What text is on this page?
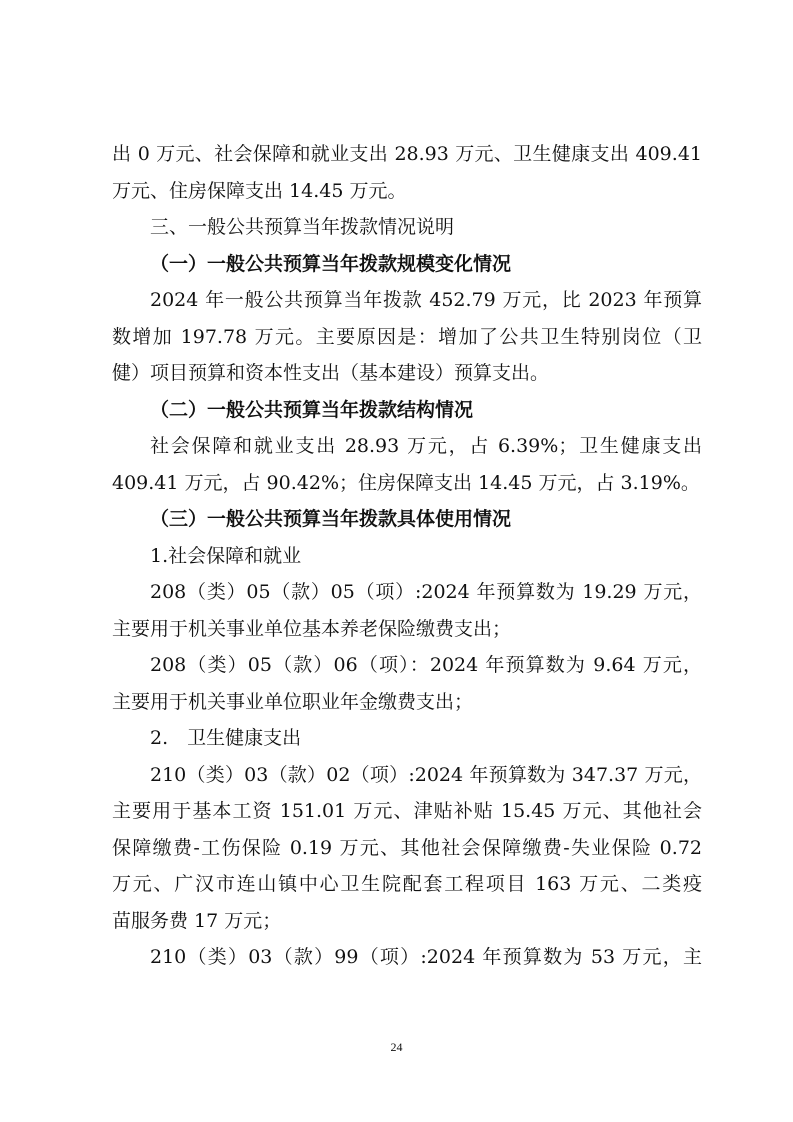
出 0 万元、社会保障和就业支出 28.93 万元、卫生健康支出 409.41

万元、住房保障支出 14.45 万元。

三、一般公共预算当年拨款情况说明

（一）一般公共预算当年拨款规模变化情况

2024 年一般公共预算当年拨款 452.79 万元，比 2023 年预算

数增加 197.78 万元。主要原因是：增加了公共卫生特别岗位（卫

健）项目预算和资本性支出（基本建设）预算支出。

（二）一般公共预算当年拨款结构情况

社会保障和就业支出 28.93 万元，占 6.39%；卫生健康支出

409.41 万元，占 90.42%；住房保障支出 14.45 万元，占 3.19%。

（三）一般公共预算当年拨款具体使用情况

1.社会保障和就业

208（类）05（款）05（项）:2024 年预算数为 19.29 万元，

主要用于机关事业单位基本养老保险缴费支出；

208（类）05（款）06（项）：2024 年预算数为 9.64 万元，

主要用于机关事业单位职业年金缴费支出；

2.　卫生健康支出

210（类）03（款）02（项）:2024 年预算数为 347.37 万元，

主要用于基本工资 151.01 万元、津贴补贴 15.45 万元、其他社会

保障缴费-工伤保险 0.19 万元、其他社会保障缴费-失业保险 0.72

万元、广汉市连山镇中心卫生院配套工程项目 163 万元、二类疫

苗服务费 17 万元；

210（类）03（款）99（项）:2024 年预算数为 53 万元，主

24
